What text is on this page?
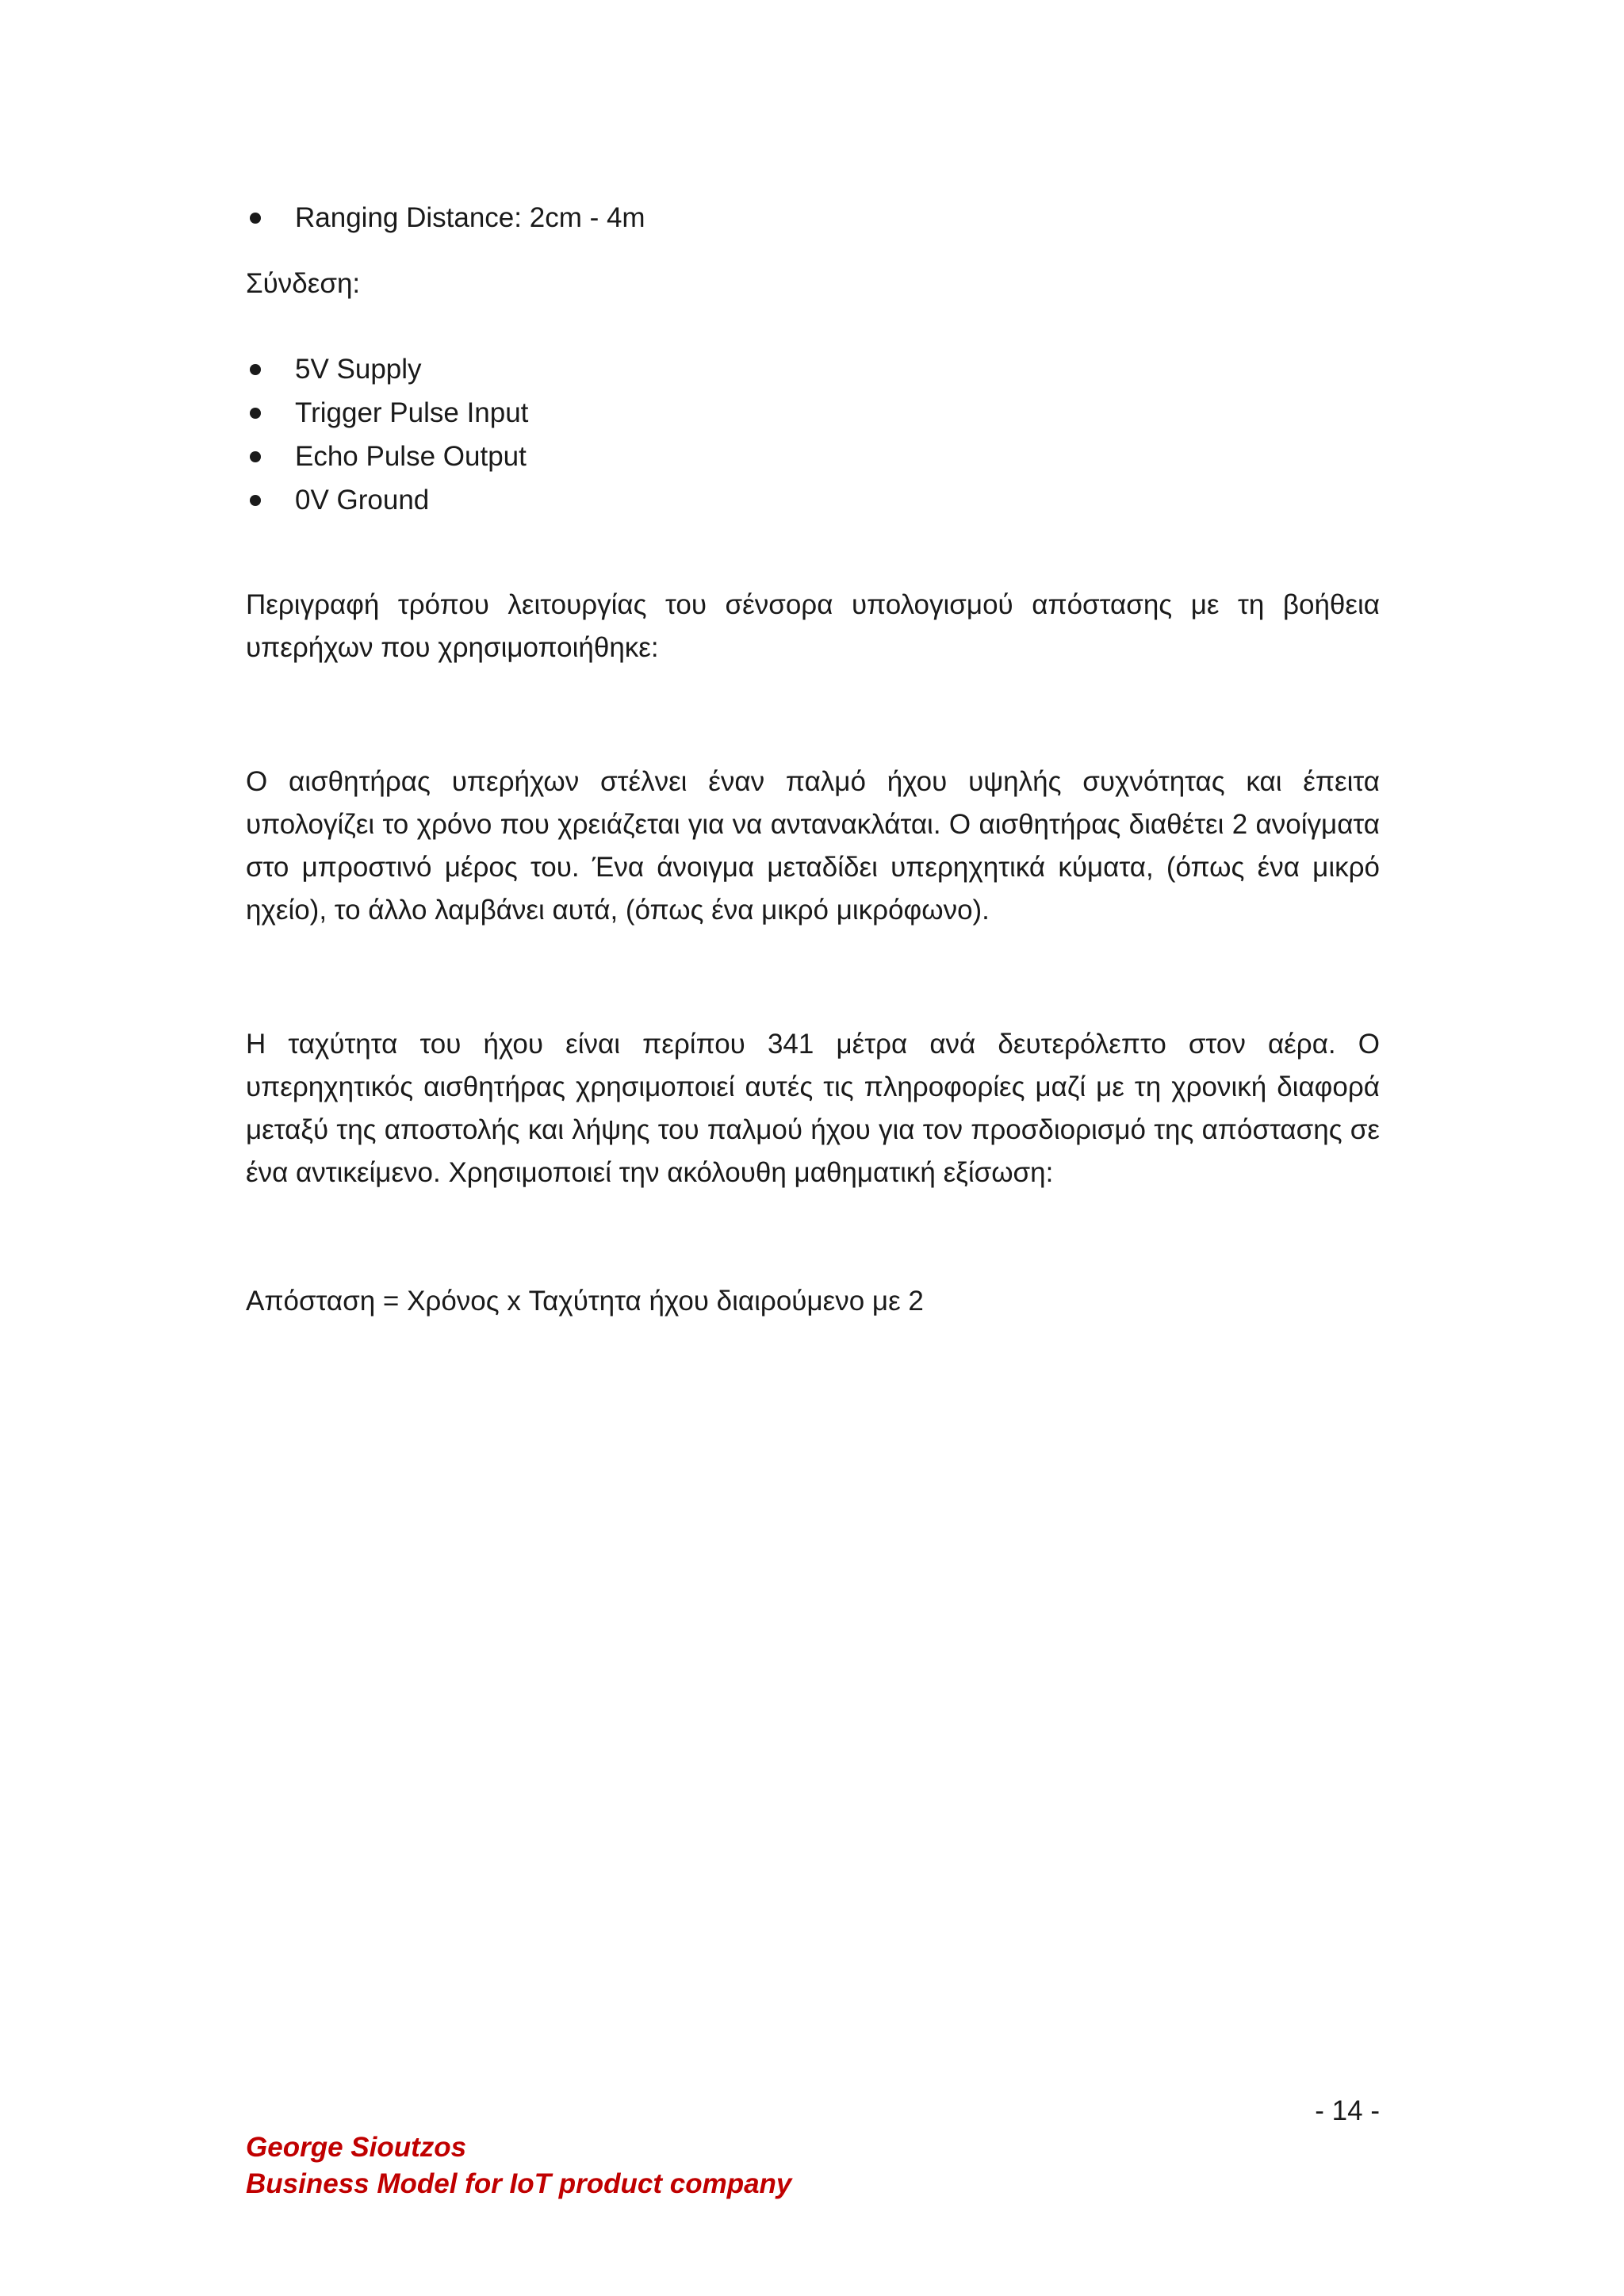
Ranging Distance: 2cm - 4m
Σύνδεση:
5V Supply
Trigger Pulse Input
Echo Pulse Output
0V Ground

Περιγραφή τρόπου λειτουργίας του σένσορα υπολογισμού απόστασης με τη βοήθεια υπερήχων που χρησιμοποιήθηκε:

Ο αισθητήρας υπερήχων στέλνει έναν παλμό ήχου υψηλής συχνότητας και έπειτα υπολογίζει το χρόνο που χρειάζεται για να αντανακλάται. Ο αισθητήρας διαθέτει 2 ανοίγματα στο μπροστινό μέρος του. Ένα άνοιγμα μεταδίδει υπερηχητικά κύματα, (όπως ένα μικρό ηχείο), το άλλο λαμβάνει αυτά, (όπως ένα μικρό μικρόφωνο).

Η ταχύτητα του ήχου είναι περίπου 341 μέτρα ανά δευτερόλεπτο στον αέρα. Ο υπερηχητικός αισθητήρας χρησιμοποιεί αυτές τις πληροφορίες μαζί με τη χρονική διαφορά μεταξύ της αποστολής και λήψης του παλμού ήχου για τον προσδιορισμό της απόστασης σε ένα αντικείμενο. Χρησιμοποιεί την ακόλουθη μαθηματική εξίσωση:

Απόσταση = Χρόνος x Ταχύτητα ήχου διαιρούμενο με 2

- 14 -
George Sioutzos
Business Model for IoT product company
